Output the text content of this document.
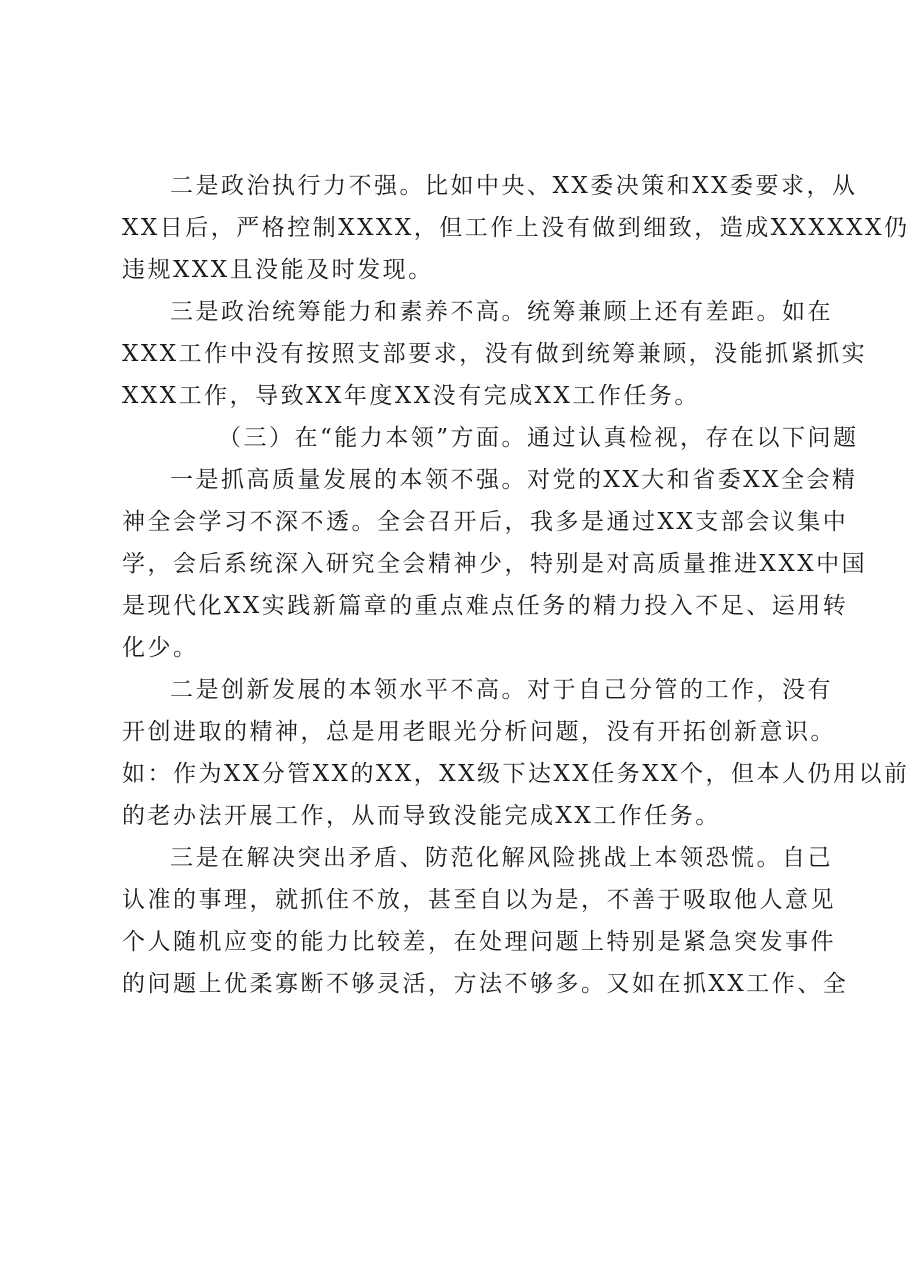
二是政治执行力不强。比如中央、XX委决策和XX委要求，从
XX日后，严格控制XXXX，但工作上没有做到细致，造成XXXXXX仍
违规XXX且没能及时发现。
三是政治统筹能力和素养不高。统筹兼顾上还有差距。如在
XXX工作中没有按照支部要求，没有做到统筹兼顾，没能抓紧抓实
XXX工作，导致XX年度XX没有完成XX工作任务。
（三）在“能力本领”方面。通过认真检视，存在以下问题
一是抓高质量发展的本领不强。对党的XX大和省委XX全会精
神全会学习不深不透。全会召开后，我多是通过XX支部会议集中
学，会后系统深入研究全会精神少，特别是对高质量推进XXX中国
是现代化XX实践新篇章的重点难点任务的精力投入不足、运用转
化少。
二是创新发展的本领水平不高。对于自己分管的工作，没有
开创进取的精神，总是用老眼光分析问题，没有开拓创新意识。
如：作为XX分管XX的XX，XX级下达XX任务XX个，但本人仍用以前
的老办法开展工作，从而导致没能完成XX工作任务。
三是在解决突出矛盾、防范化解风险挑战上本领恐慌。自己
认准的事理，就抓住不放，甚至自以为是，不善于吸取他人意见
个人随机应变的能力比较差，在处理问题上特别是紧急突发事件
的问题上优柔寡断不够灵活，方法不够多。又如在抓XX工作、全
